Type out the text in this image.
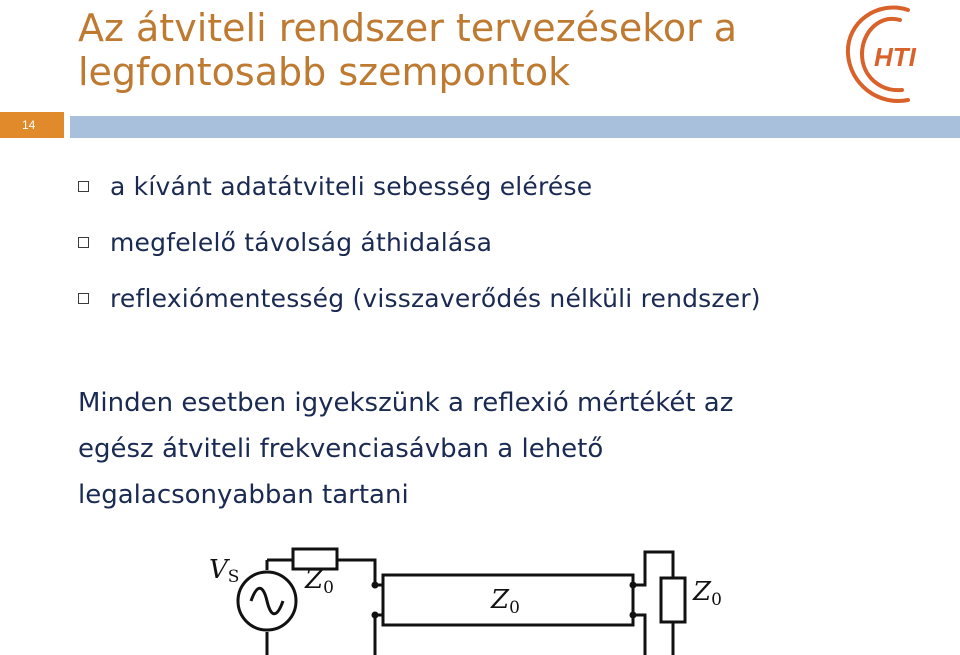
14
Az átviteli rendszer tervezésekor a
legfontosabb szempontok	HTI
a kívánt adatátviteli sebesség elérése
megfelelő távolság áthidalása
reflexiómentesség (visszaverődés nélküli rendszer)
Minden esetben igyekszünk a reflexió mértékét az
egész átviteli frekvenciasávban a lehető
legalacsonyabban tartani
VS	Z0	Z0
Z0
